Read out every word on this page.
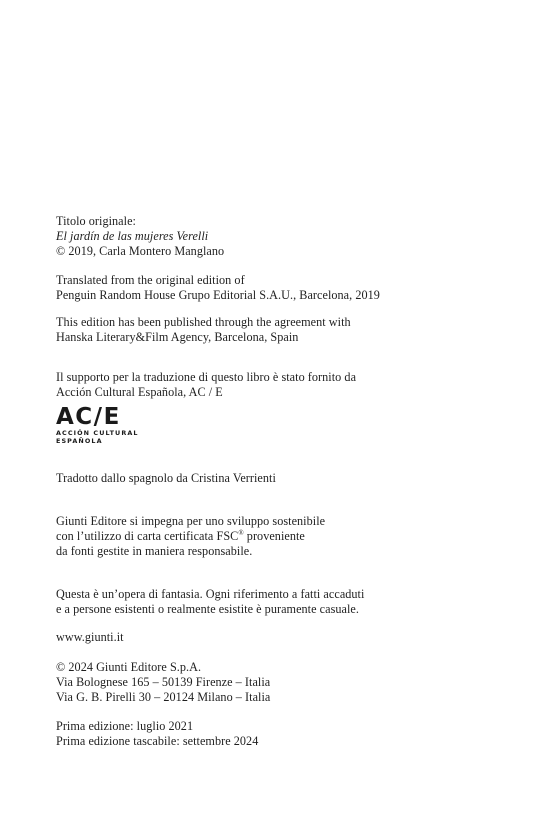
Titolo originale:
El jardín de las mujeres Verelli
© 2019, Carla Montero Manglano
Translated from the original edition of
Penguin Random House Grupo Editorial S.A.U., Barcelona, 2019
This edition has been published through the agreement with
Hanska Literary&Film Agency, Barcelona, Spain
Il supporto per la traduzione di questo libro è stato fornito da
Acción Cultural Española, AC / E
AC/E
ACCIÓN CULTURAL
ESPAÑOLA
Tradotto dallo spagnolo da Cristina Verrienti
Giunti Editore si impegna per uno sviluppo sostenibile
con l’utilizzo di carta certificata FSC® proveniente
da fonti gestite in maniera responsabile.
Questa è un’opera di fantasia. Ogni riferimento a fatti accaduti
e a persone esistenti o realmente esistite è puramente casuale.
www.giunti.it
© 2024 Giunti Editore S.p.A.
Via Bolognese 165 – 50139 Firenze – Italia
Via G. B. Pirelli 30 – 20124 Milano – Italia
Prima edizione: luglio 2021
Prima edizione tascabile: settembre 2024
